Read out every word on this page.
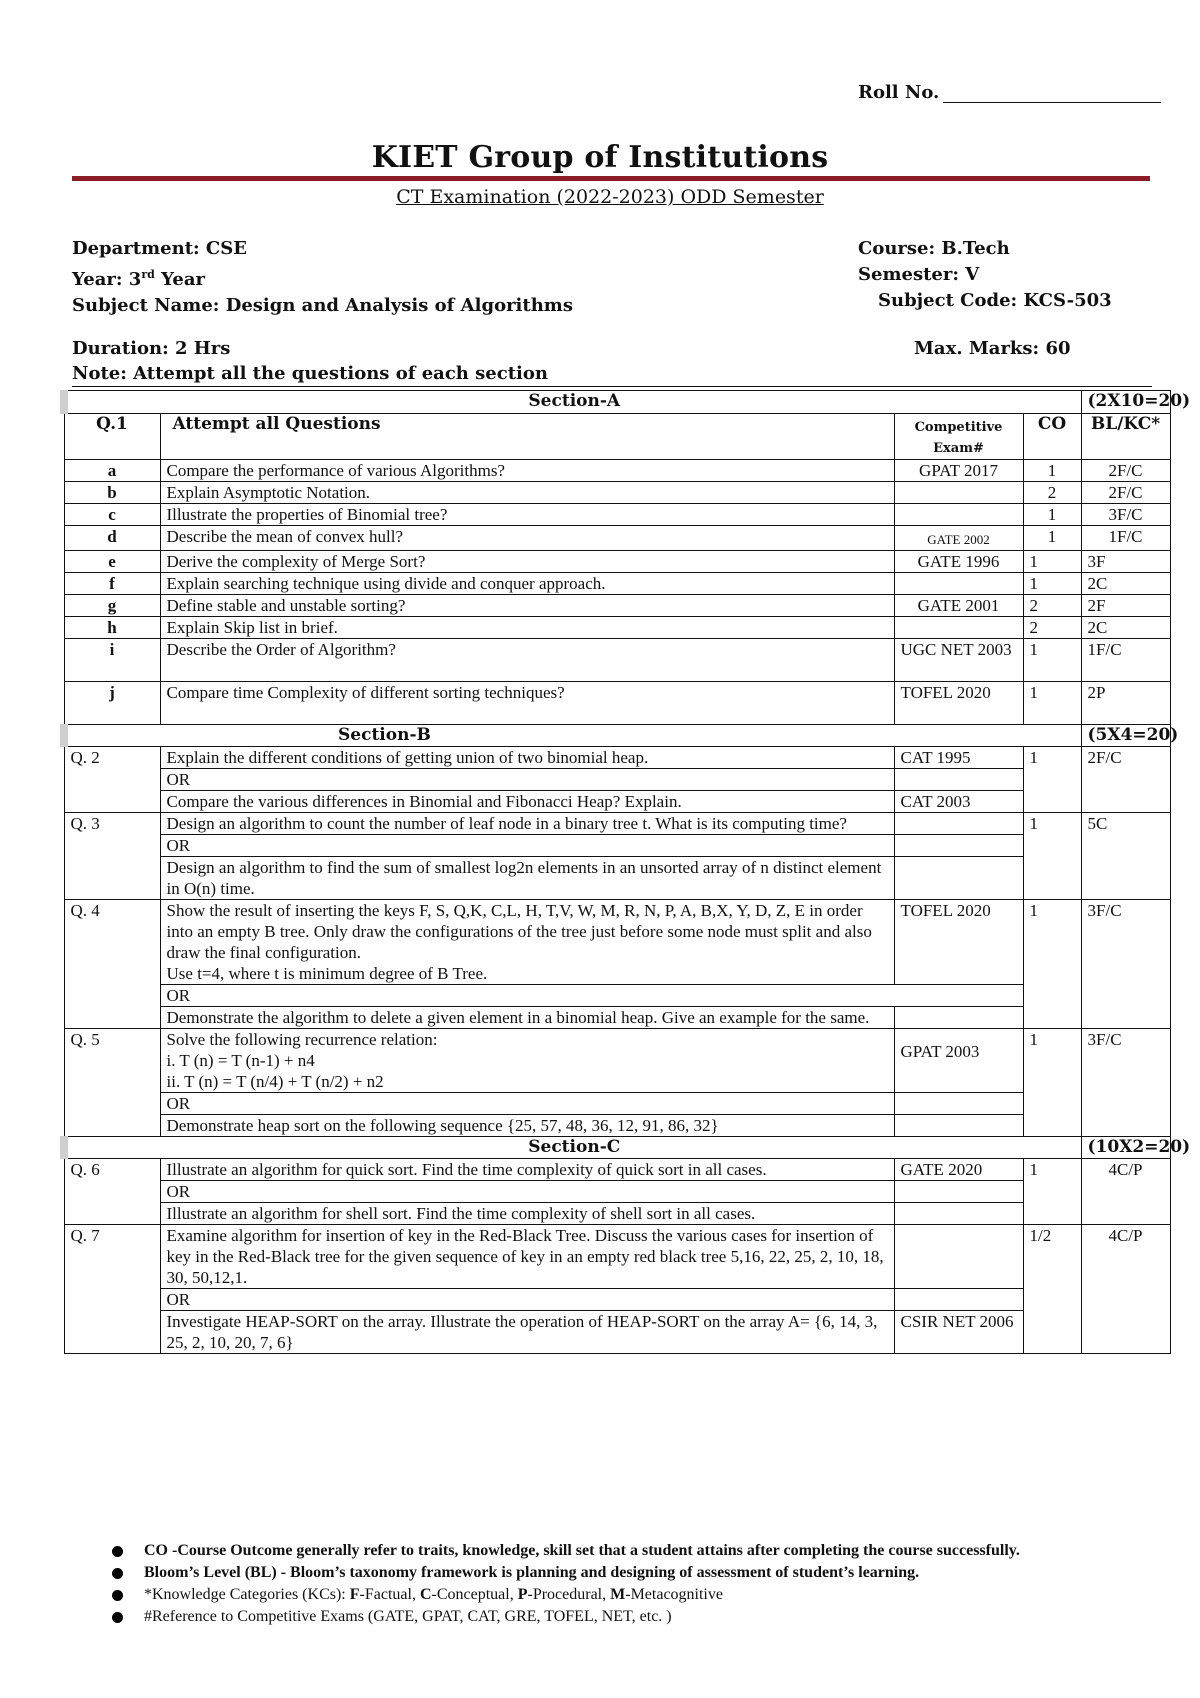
Roll No.
KIET Group of Institutions
CT Examination (2022-2023) ODD Semester
Department: CSE
Year: 3rd Year
Subject Name: Design and Analysis of Algorithms
Course: B.Tech
Semester: V
Subject Code: KCS-503
Duration: 2 Hrs	Max. Marks: 60
Note: Attempt all the questions of each section
Section-A				(2X10=20)
Q.1	Attempt all Questions	Competitive Exam#	CO	BL/KC*
a	Compare the performance of various Algorithms?	GPAT 2017	1	2F/C
b	Explain Asymptotic Notation.		2	2F/C
c	Illustrate the properties of Binomial tree?		1	3F/C
d	Describe the mean of convex hull?	GATE 2002	1	1F/C
e	Derive the complexity of Merge Sort?	GATE 1996	1	3F
f	Explain searching technique using divide and conquer approach.		1	2C
g	Define stable and unstable sorting?	GATE 2001	2	2F
h	Explain Skip list in brief.		2	2C
i	Describe the Order of Algorithm?	UGC NET 2003	1	1F/C
j	Compare time Complexity of different sorting techniques?	TOFEL 2020	1	2P
Section-B				(5X4=20)
Q. 2	Explain the different conditions of getting union of two binomial heap.	CAT 1995	1	2F/C
	OR			
	Compare the various differences in Binomial and Fibonacci Heap? Explain.	CAT 2003		
Q. 3	Design an algorithm to count the number of leaf node in a binary tree t. What is its computing time?		1	5C
	OR			
	Design an algorithm to find the sum of smallest log2n elements in an unsorted array of n distinct element in O(n) time.			
Q. 4	Show the result of inserting the keys F, S, Q,K, C,L, H, T,V, W, M, R, N, P, A, B,X, Y, D, Z, E in order into an empty B tree. Only draw the configurations of the tree just before some node must split and also draw the final configuration.
Use t=4, where t is minimum degree of B Tree.	TOFEL 2020	1	3F/C
	OR			
	Demonstrate the algorithm to delete a given element in a binomial heap. Give an example for the same.			
Q. 5	Solve the following recurrence relation:
i. T (n) = T (n-1) + n4
ii. T (n) = T (n/4) + T (n/2) + n2	GPAT 2003	1	3F/C
	OR			
	Demonstrate heap sort on the following sequence {25, 57, 48, 36, 12, 91, 86, 32}			
Section-C				(10X2=20)
Q. 6	Illustrate an algorithm for quick sort. Find the time complexity of quick sort in all cases.	GATE 2020	1	4C/P
	OR			
	Illustrate an algorithm for shell sort. Find the time complexity of shell sort in all cases.			
Q. 7	Examine algorithm for insertion of key in the Red-Black Tree. Discuss the various cases for insertion of key in the Red-Black tree for the given sequence of key in an empty red black tree 5,16, 22, 25, 2, 10, 18, 30, 50,12,1.		1/2	4C/P
	OR			
	Investigate HEAP-SORT on the array. Illustrate the operation of HEAP-SORT on the array A= {6, 14, 3, 25, 2, 10, 20, 7, 6}	CSIR NET 2006		
CO -Course Outcome generally refer to traits, knowledge, skill set that a student attains after completing the course successfully.
Bloom’s Level (BL) - Bloom’s taxonomy framework is planning and designing of assessment of student’s learning.
*Knowledge Categories (KCs): F-Factual, C-Conceptual, P-Procedural, M-Metacognitive
#Reference to Competitive Exams (GATE, GPAT, CAT, GRE, TOFEL, NET, etc. )
